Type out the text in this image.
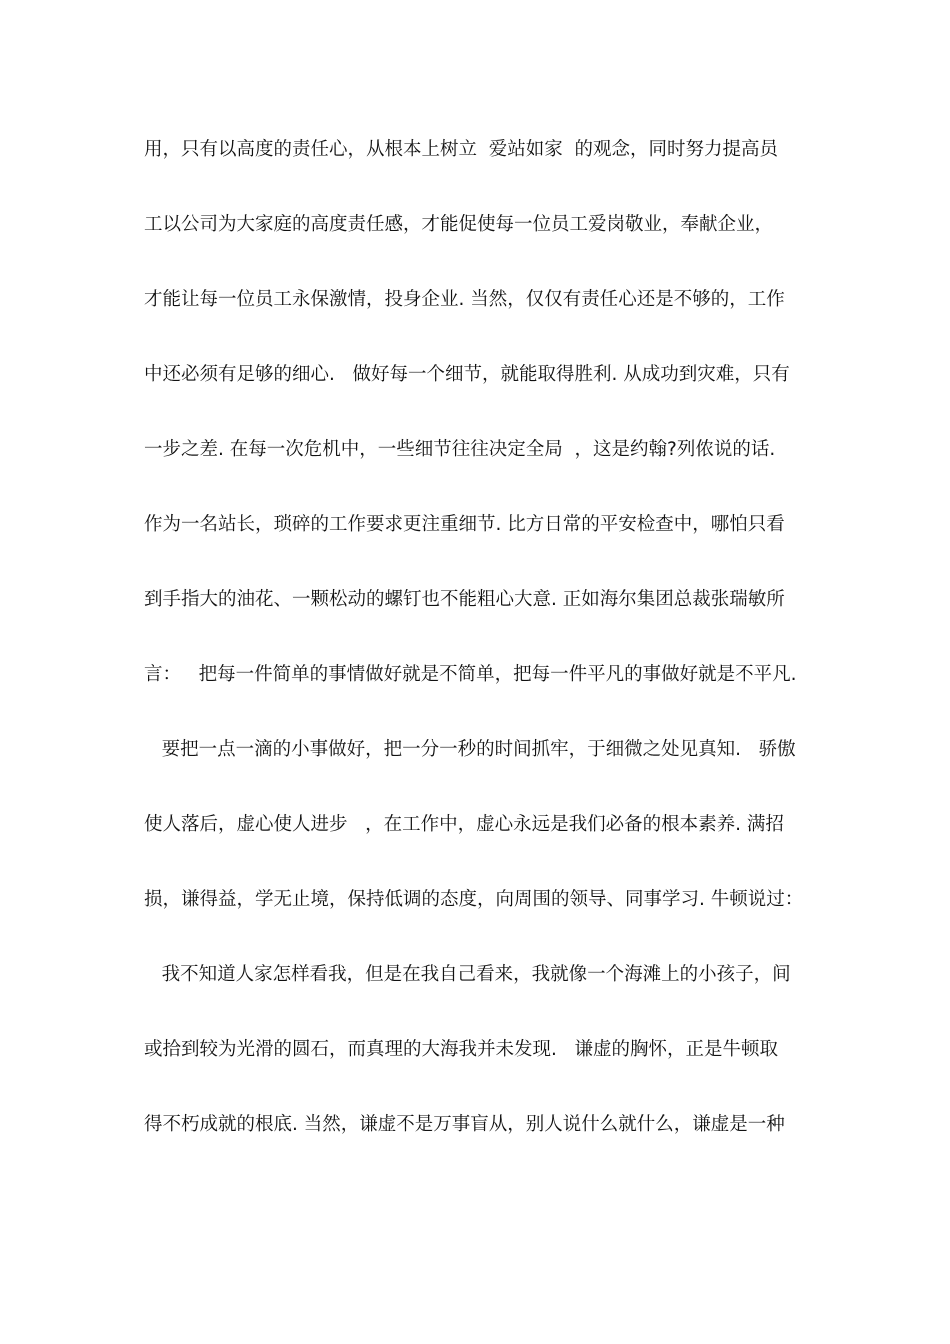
用，只有以高度的责任心，从根本上树立  爱站如家  的观念，同时努力提高员
工以公司为大家庭的高度责任感，才能促使每一位员工爱岗敬业，奉献企业，
才能让每一位员工永保激情，投身企业. 当然，仅仅有责任心还是不够的，工作
中还必须有足够的细心.   做好每一个细节，就能取得胜利. 从成功到灾难，只有
一步之差. 在每一次危机中，一些细节往往决定全局  ，这是约翰?列侬说的话.
作为一名站长，琐碎的工作要求更注重细节. 比方日常的平安检查中，哪怕只看
到手指大的油花、一颗松动的螺钉也不能粗心大意. 正如海尔集团总裁张瑞敏所
言：   把每一件简单的事情做好就是不简单，把每一件平凡的事做好就是不平凡.
要把一点一滴的小事做好，把一分一秒的时间抓牢，于细微之处见真知.   骄傲
使人落后，虚心使人进步   ，在工作中，虚心永远是我们必备的根本素养. 满招
损，谦得益，学无止境，保持低调的态度，向周围的领导、同事学习. 牛顿说过：
我不知道人家怎样看我，但是在我自己看来，我就像一个海滩上的小孩子，间
或拾到较为光滑的圆石，而真理的大海我并未发现.   谦虚的胸怀，正是牛顿取
得不朽成就的根底. 当然，谦虚不是万事盲从，别人说什么就什么，谦虚是一种
